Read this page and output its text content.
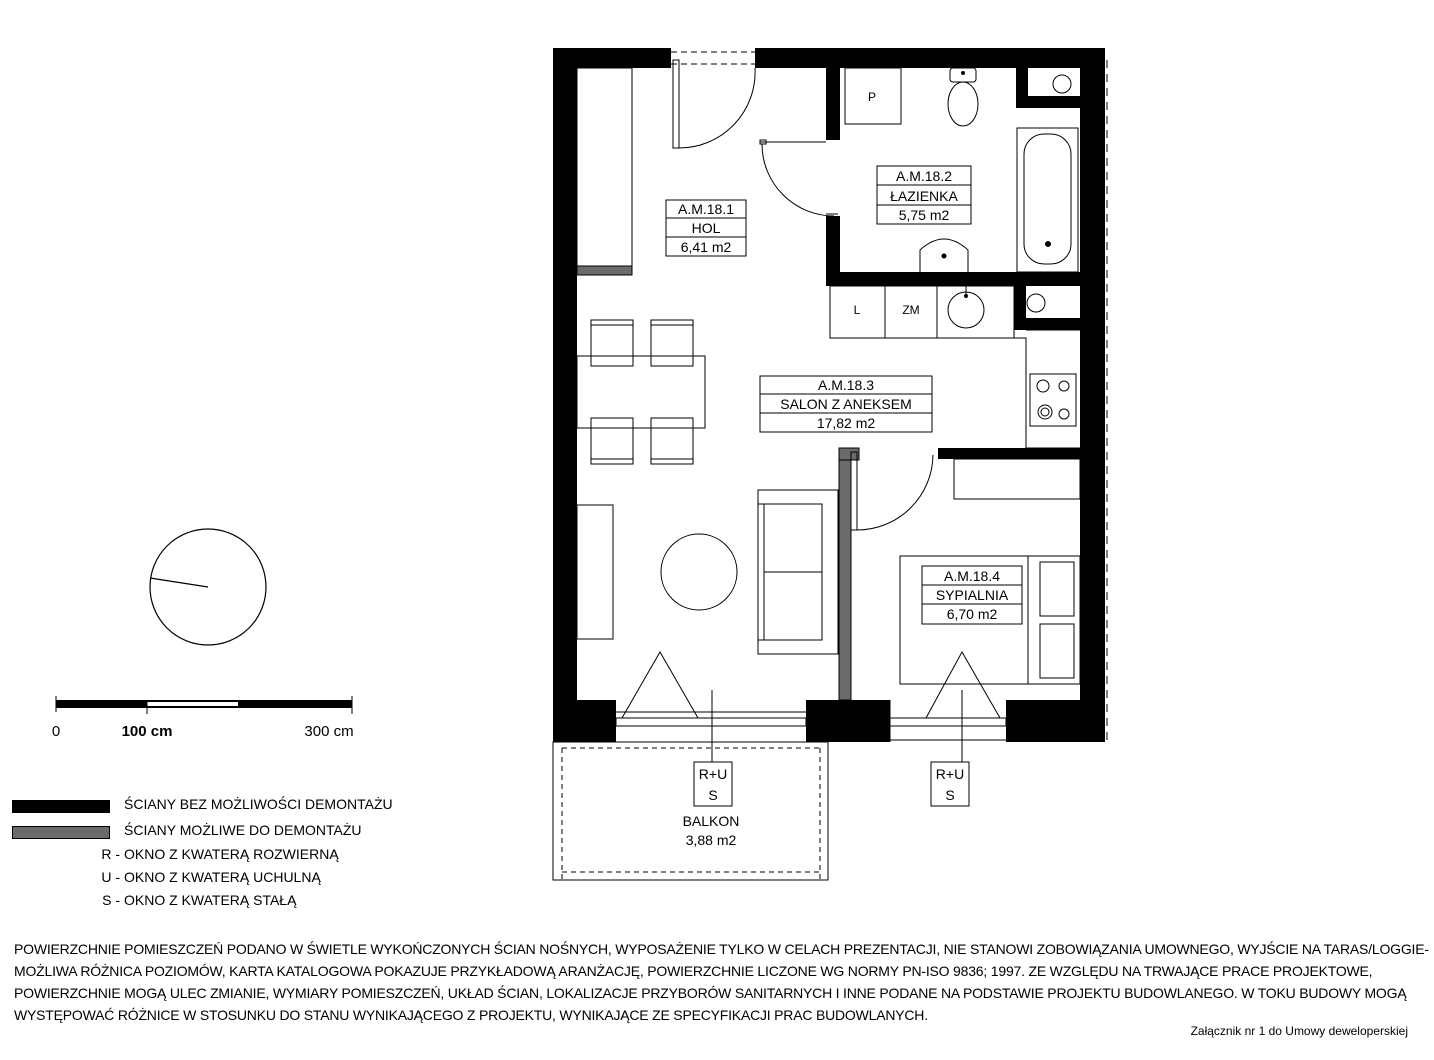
A.M.18.1
HOL
6,41 m2
A.M.18.2
ŁAZIENKA
5,75 m2
A.M.18.3
SALON Z ANEKSEM
17,82 m2
A.M.18.4
SYPIALNIA
6,70 m2
BALKON
3,88 m2
P
L	ZM
R+U
S
R+U
S
0	100 cm	300 cm
ŚCIANY BEZ MOŻLIWOŚCI DEMONTAŻU
ŚCIANY MOŻLIWE DO DEMONTAŻU
R - OKNO Z KWATERĄ ROZWIERNĄ
U - OKNO Z KWATERĄ UCHULNĄ
S - OKNO Z KWATERĄ STAŁĄ
POWIERZCHNIE POMIESZCZEŃ PODANO W ŚWIETLE WYKOŃCZONYCH ŚCIAN NOŚNYCH, WYPOSAŻENIE TYLKO W CELACH PREZENTACJI, NIE STANOWI ZOBOWIĄZANIA UMOWNEGO, WYJŚCIE NA TARAS/LOGGIE-
MOŻLIWA RÓŻNICA POZIOMÓW, KARTA KATALOGOWA POKAZUJE PRZYKŁADOWĄ ARANŻACJĘ, POWIERZCHNIE LICZONE WG NORMY PN-ISO 9836; 1997. ZE WZGLĘDU NA TRWAJĄCE PRACE PROJEKTOWE,
POWIERZCHNIE MOGĄ ULEC ZMIANIE, WYMIARY POMIESZCZEŃ, UKŁAD ŚCIAN, LOKALIZACJE PRZYBORÓW SANITARNYCH I INNE PODANE NA PODSTAWIE PROJEKTU BUDOWLANEGO. W TOKU BUDOWY MOGĄ
WYSTĘPOWAĆ RÓŻNICE W STOSUNKU DO STANU WYNIKAJĄCEGO Z PROJEKTU, WYNIKAJĄCE ZE SPECYFIKACJI PRAC BUDOWLANYCH.
Załącznik nr 1 do Umowy deweloperskiej
